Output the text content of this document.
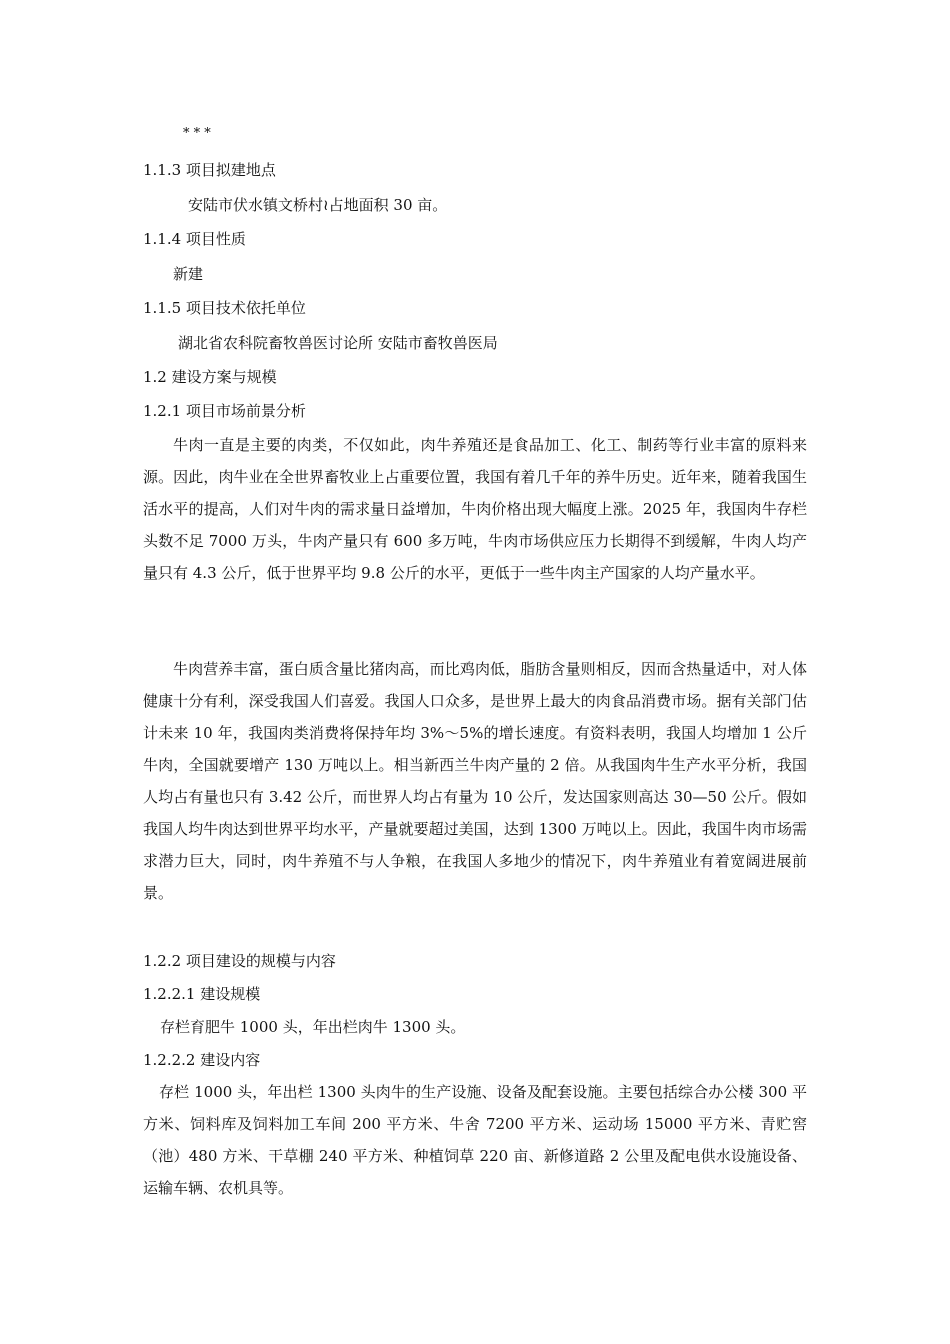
* * *
1.1.3 项目拟建地点
安陆市伏水镇文桥村≀占地面积 30 亩。
1.1.4 项目性质
新建
1.1.5 项目技术依托单位
湖北省农科院畜牧兽医讨论所 安陆市畜牧兽医局
1.2 建设方案与规模
1.2.1 项目市场前景分析
牛肉一直是主要的肉类，不仅如此，肉牛养殖还是食品加工、化工、制药等行业丰富的原料来源。因此，肉牛业在全世界畜牧业上占重要位置，我国有着几千年的养牛历史。近年来，随着我国生活水平的提高，人们对牛肉的需求量日益增加，牛肉价格出现大幅度上涨。2025 年，我国肉牛存栏头数不足 7000 万头，牛肉产量只有 600 多万吨，牛肉市场供应压力长期得不到缓解，牛肉人均产量只有 4.3 公斤，低于世界平均 9.8 公斤的水平，更低于一些牛肉主产国家的人均产量水平。
牛肉营养丰富，蛋白质含量比猪肉高，而比鸡肉低，脂肪含量则相反，因而含热量适中，对人体健康十分有利，深受我国人们喜爱。我国人口众多，是世界上最大的肉食品消费市场。据有关部门估计未来 10 年，我国肉类消费将保持年均 3%～5%的增长速度。有资料表明，我国人均增加 1 公斤牛肉，全国就要增产 130 万吨以上。相当新西兰牛肉产量的 2 倍。从我国肉牛生产水平分析，我国人均占有量也只有 3.42 公斤，而世界人均占有量为 10 公斤，发达国家则高达 30—50 公斤。假如我国人均牛肉达到世界平均水平，产量就要超过美国，达到 1300 万吨以上。因此，我国牛肉市场需求潜力巨大，同时，肉牛养殖不与人争粮，在我国人多地少的情况下，肉牛养殖业有着宽阔进展前景。
1.2.2 项目建设的规模与内容
1.2.2.1 建设规模
存栏育肥牛 1000 头，年出栏肉牛 1300 头。
1.2.2.2 建设内容
存栏 1000 头，年出栏 1300 头肉牛的生产设施、设备及配套设施。主要包括综合办公楼 300 平方米、饲料库及饲料加工车间 200 平方米、牛舍 7200 平方米、运动场 15000 平方米、青贮窖（池）480 方米、干草棚 240 平方米、种植饲草 220 亩、新修道路 2 公里及配电供水设施设备、运输车辆、农机具等。
